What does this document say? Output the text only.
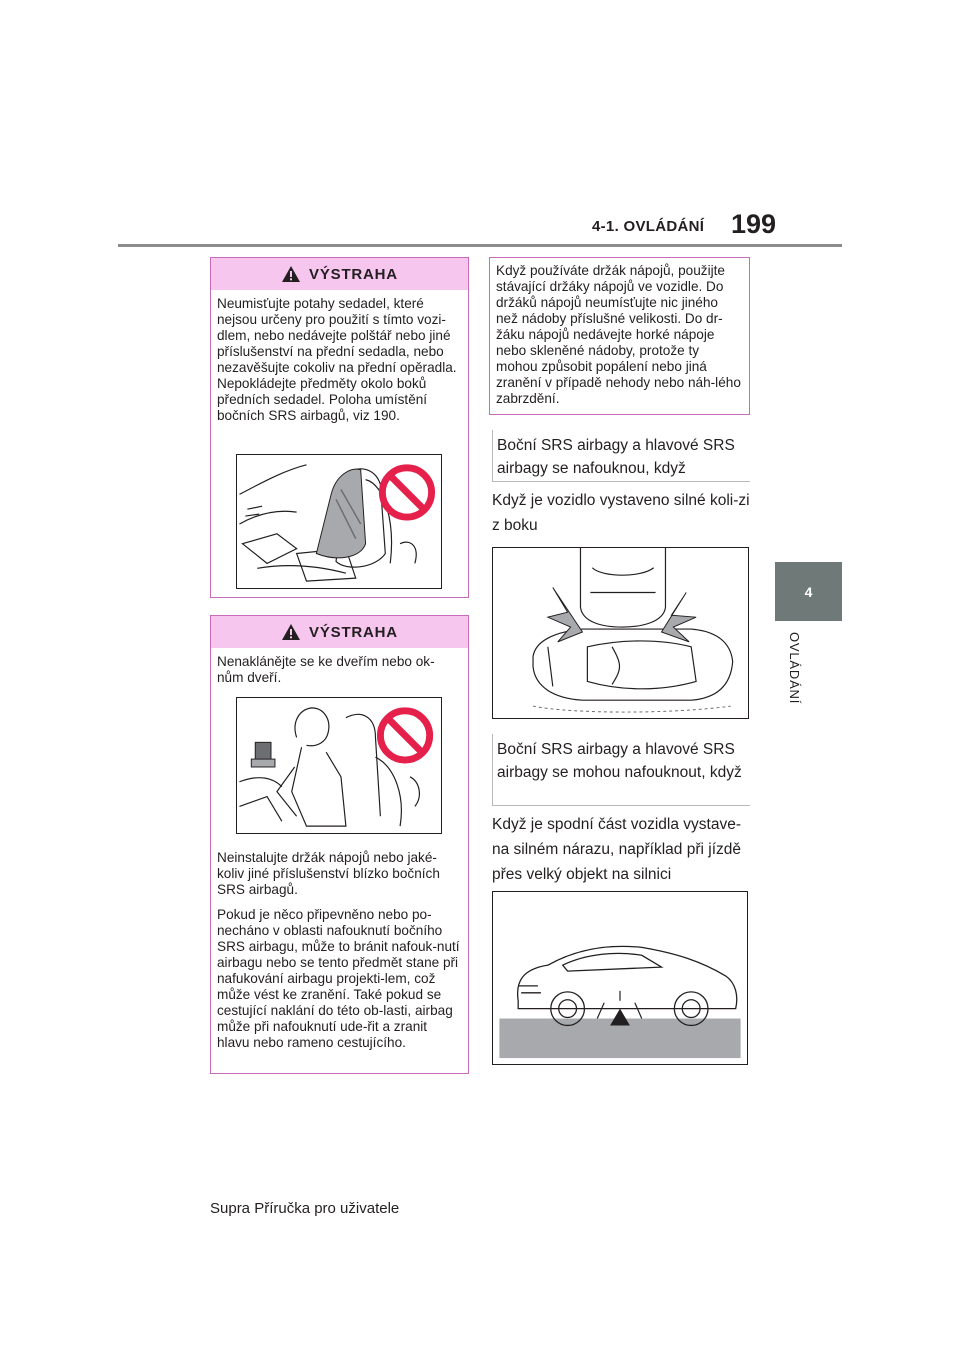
4-1. OVLÁDÁNÍ 199
4
OVLÁDÁNÍ
VÝSTRAHA

Neumisťujte potahy sedadel, které nejsou určeny pro použití s tímto vozi-dlem, nebo nedávejte polštář nebo jiné příslušenství na přední sedadla, nebo nezavěšujte cokoliv na přední opěradla. Nepokládejte předměty okolo boků předních sedadel. Poloha umístění bočních SRS airbagů, viz 190.

VÝSTRAHA

Nenaklánějte se ke dveřím nebo ok-nům dveří.

Neinstalujte držák nápojů nebo jaké-koliv jiné příslušenství blízko bočních SRS airbagů.

Pokud je něco připevněno nebo po-necháno v oblasti nafouknutí bočního SRS airbagu, může to bránit nafouk-nutí airbagu nebo se tento předmět stane při nafukování airbagu projekti-lem, což může vést ke zranění. Také pokud se cestující naklání do této ob-lasti, airbag může při nafouknutí ude-řit a zranit hlavu nebo rameno cestujícího.

Když používáte držák nápojů, použijte stávající držáky nápojů ve vozidle. Do držáků nápojů neumísťujte nic jiného než nádoby příslušné velikosti. Do dr-žáku nápojů nedávejte horké nápoje nebo skleněné nádoby, protože ty mohou způsobit popálení nebo jiná zranění v případě nehody nebo náh-lého zabrzdění.
Boční SRS airbagy a hlavové SRS airbagy se nafouknou, když
Když je vozidlo vystaveno silné koli-zi z boku
Boční SRS airbagy a hlavové SRS airbagy se mohou nafouknout, když
Když je spodní část vozidla vystave-na silném nárazu, například při jízdě přes velký objekt na silnici
Supra Příručka pro uživatele
